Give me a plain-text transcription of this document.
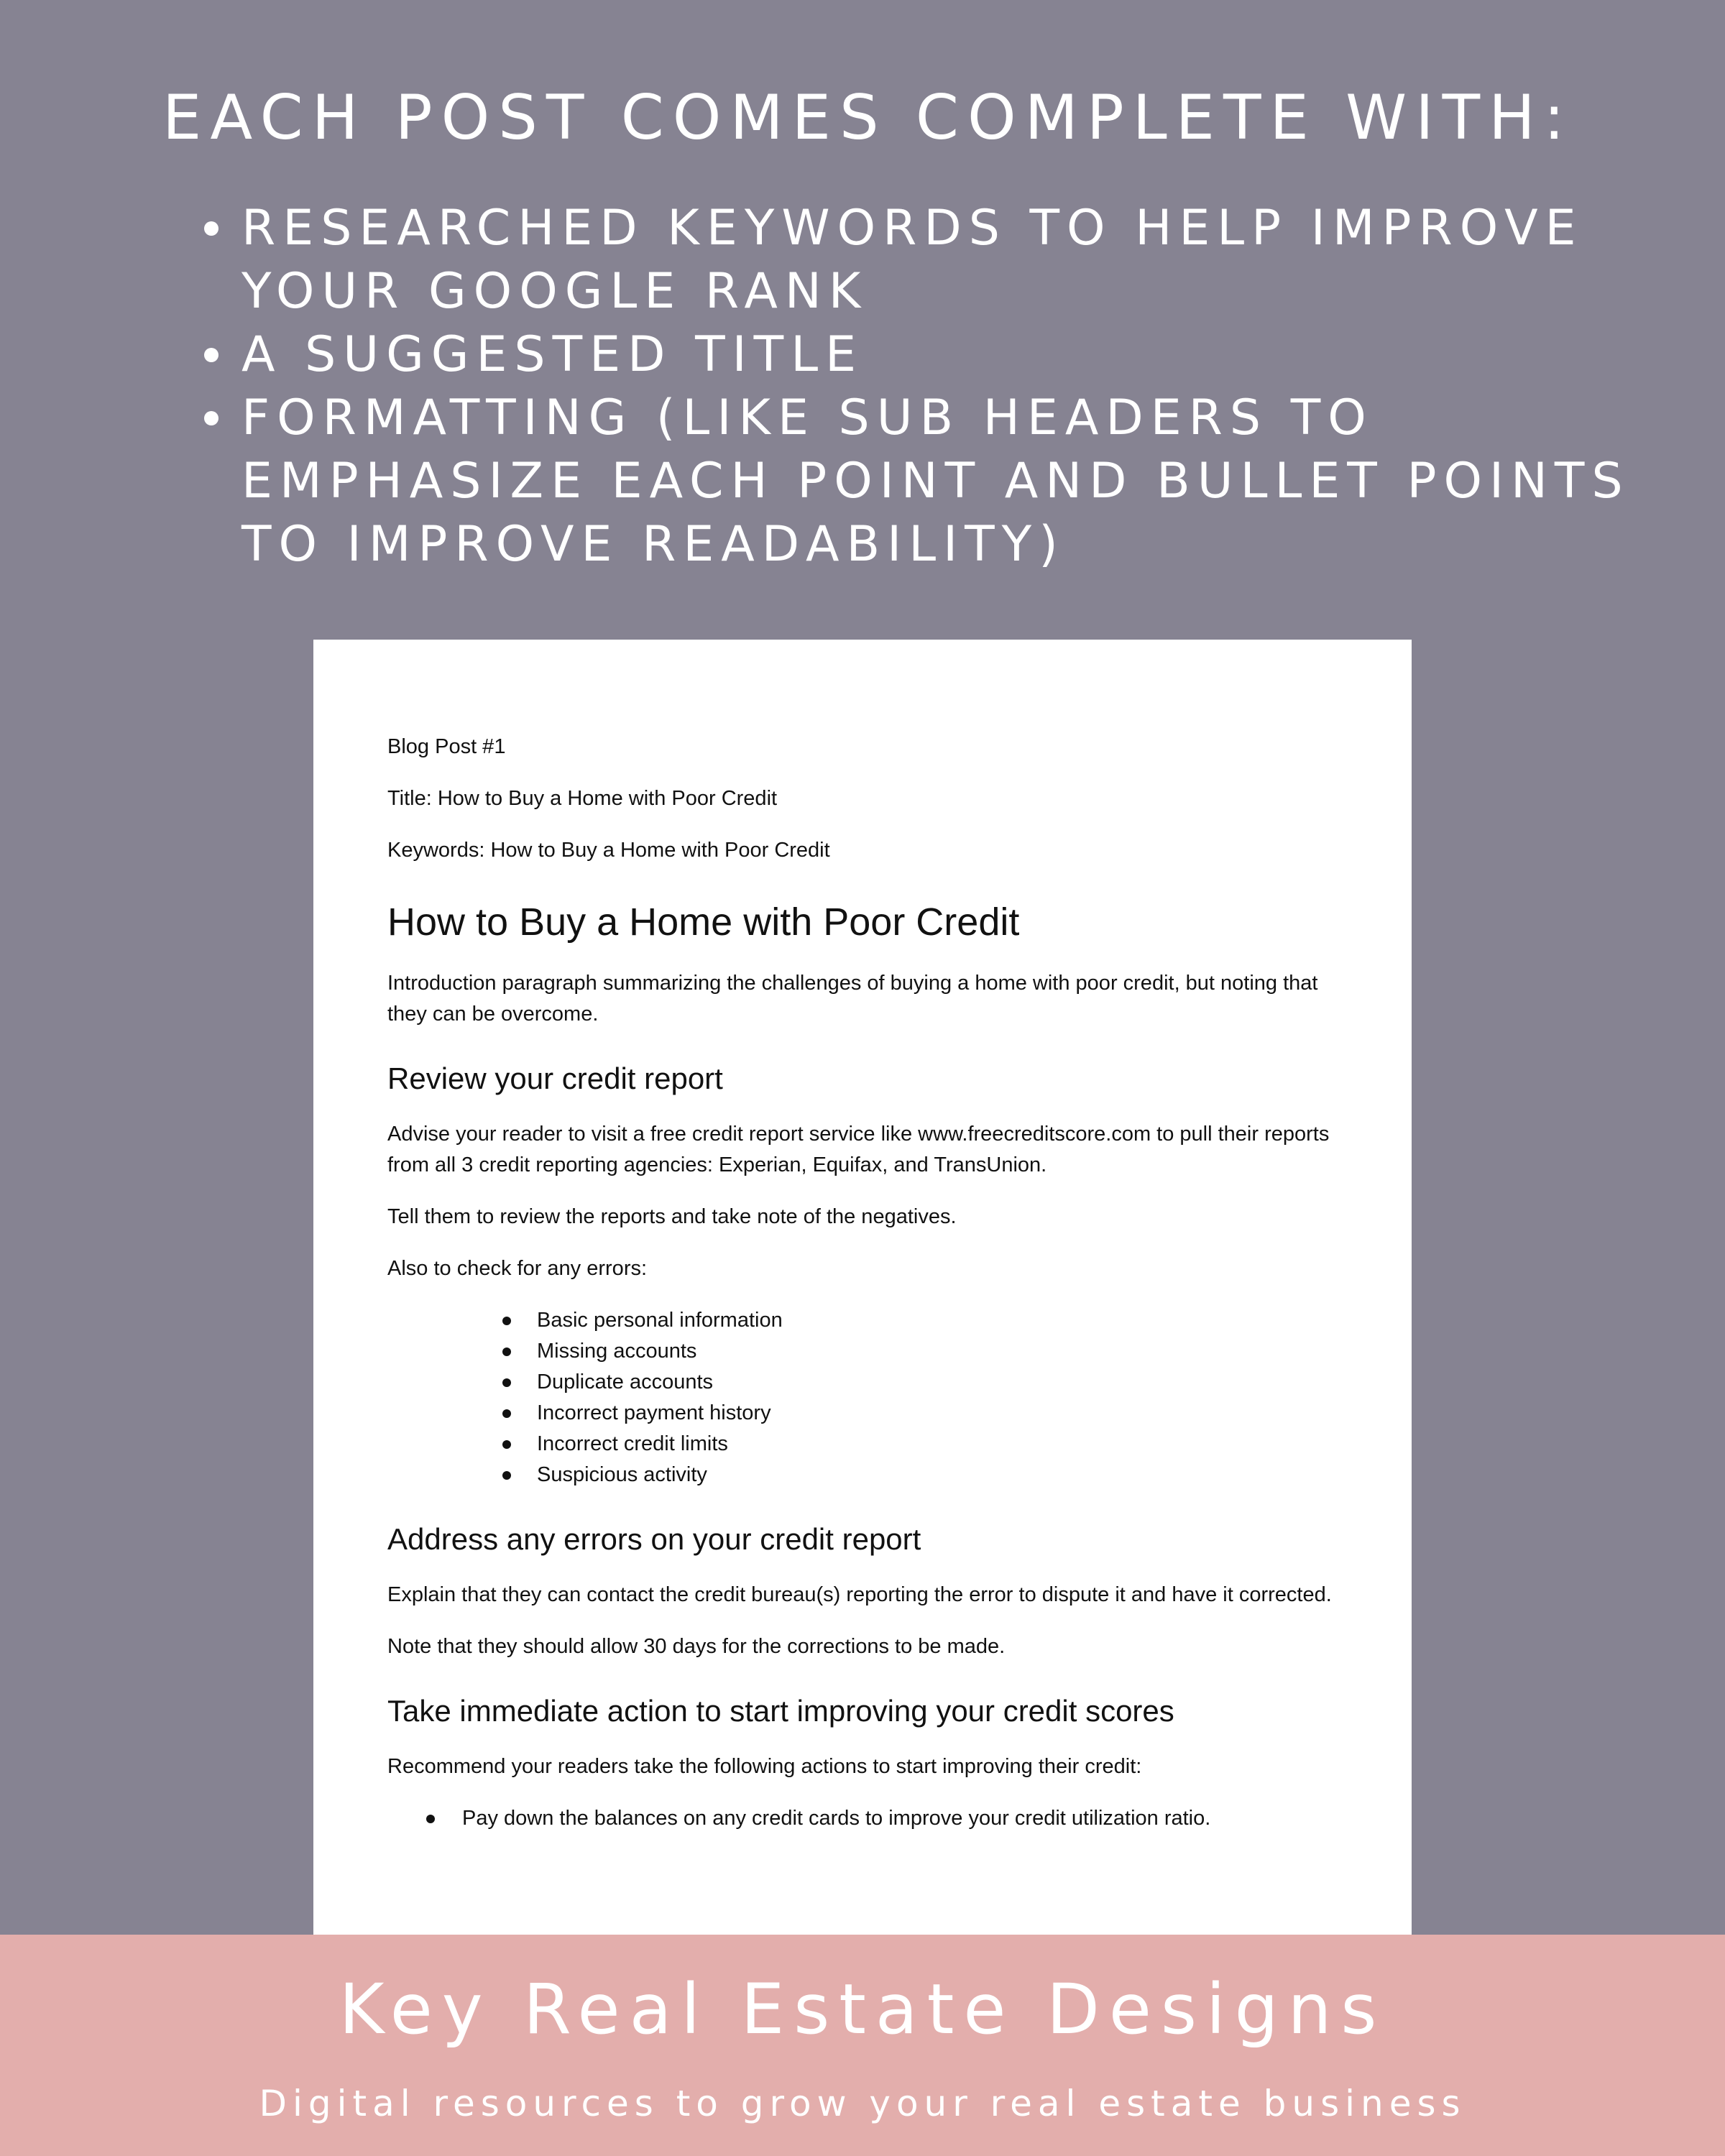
EACH POST COMES COMPLETE WITH:
RESEARCHED KEYWORDS TO HELP IMPROVE YOUR GOOGLE RANK
A SUGGESTED TITLE
FORMATTING (LIKE SUB HEADERS TO EMPHASIZE EACH POINT AND BULLET POINTS TO IMPROVE READABILITY)

Blog Post #1

Title: How to Buy a Home with Poor Credit

Keywords: How to Buy a Home with Poor Credit

How to Buy a Home with Poor Credit

Introduction paragraph summarizing the challenges of buying a home with poor credit, but noting that they can be overcome.

Review your credit report

Advise your reader to visit a free credit report service like www.freecreditscore.com to pull their reports from all 3 credit reporting agencies: Experian, Equifax, and TransUnion.

Tell them to review the reports and take note of the negatives.

Also to check for any errors:

Basic personal information
Missing accounts
Duplicate accounts
Incorrect payment history
Incorrect credit limits
Suspicious activity
Address any errors on your credit report

Explain that they can contact the credit bureau(s) reporting the error to dispute it and have it corrected.

Note that they should allow 30 days for the corrections to be made.

Take immediate action to start improving your credit scores

Recommend your readers take the following actions to start improving their credit:

Pay down the balances on any credit cards to improve your credit utilization ratio.
Key Real Estate Designs
Digital resources to grow your real estate business
